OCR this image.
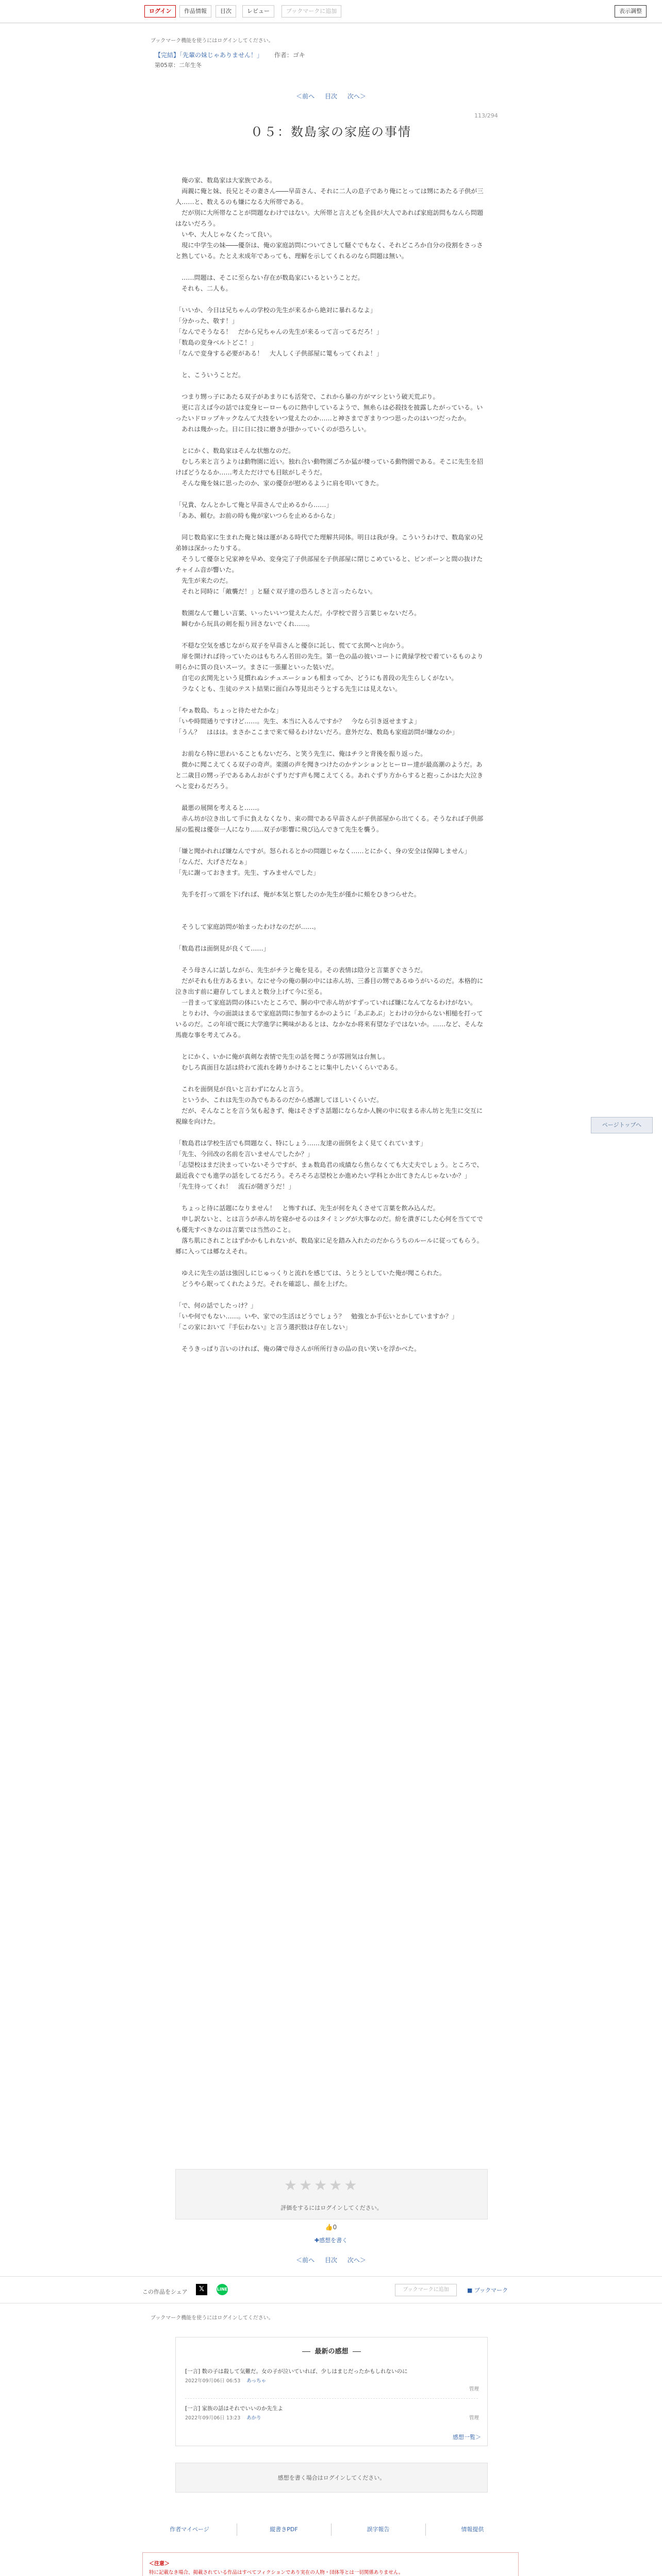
ログイン	作品情報	目次	レビュー	ブックマークに追加	表示調整
ブックマーク機能を使うにはログインしてください。
【完結】「先輩の妹じゃありません！」 作者：ゴキ
第05章：二年生冬
＜前へ 目次 次へ＞
113/294
０５：数島家の家庭の事情
　俺の家、数島家は大家族である。
　両親に俺と妹、長兄とその妻さん――早苗さん、それに二人の息子であり俺にとっては甥にあたる子供が三人……と、数えるのも嫌になる大所帯である。
　だが別に大所帯なことが問題なわけではない。大所帯と言えども全員が大人であれば家庭訪問もなんら問題はないだろう。
　いや、大人じゃなくたって良い。
　現に中学生の妹――優奈は、俺の家庭訪問についてさして騒ぐでもなく、それどころか自分の役割をさっさと熟している。たとえ末成年であっても、理解を示してくれるのなら問題は無い。

　……問題は、そこに至らない存在が数島家にいるということだ。
　それも、二人も。

「いいか、今日は兄ちゃんの学校の先生が来るから絶対に暴れるなよ」
「分かった、敬す！」
「なんでそうなる！　だから兄ちゃんの先生が来るって言ってるだろ！」
「数島の変身ベルトどこ！」
「なんで変身する必要がある！　大人しく子供部屋に篭もってくれよ！」

　と、こういうことだ。

　つまり甥っ子にあたる双子があまりにも活発で、これから暴の方がマシという破天荒ぶり。
　更に言えば今の話では変身ヒーローものに熱中しているようで、無糸らは必殺技を披露したがっている。いったいドロップキックなんて大技をいつ覚えたのか……と神さまでぎまりつつ思ったのはいつだったか。
　あれは幾かった。日に日に技に磨きが掛かっていくのが恐ろしい。

　とにかく、数島家はそんな状態なのだ。
　むしろ来と言うよりは動物園に近い。独れ合い動物園ごろか猛が棲っている動物園である。そこに先生を招けばどうなるか……考えただけでも目眩がしそうだ。
　そんな俺を妹に思ったのか、家の優奈が慰めるように肩を叩いてきた。

「兄貴、なんとかして俺と早苗さんで止めるから……」
「ああ、頼む。お前の時も俺が家いつらを止めるからな」

　同じ数島家に生まれた俺と妹は運がある時代でた理解共同体。明日は我が身。こういうわけで、数島家の兄弟姉は深かったりする。
　そうして優奈と兄家神を早め、変身完了子供部屋を子供部屋に閉じこめていると、ピンポーンと間の抜けたチャイム音が響いた。
　先生が来たのだ。
　それと同時に「敵襲だ！」と騒ぐ双子達の恐ろしさと言ったらない。

　数園なんて難しい言葉、いったいいつ覚えたんだ。小学校で習う言葉じゃないだろ。
　瞬むから玩具の剣を振り回さないでくれ……。

　不穏な空気を感じながら双子を早苗さんと優奈に託し、慌てて玄関へと向かう。
　扉を開ければ待っていたのはもちろん若田の先生。第一色の晶の彼いコートに黄緑学校で着ているものより明らかに質の良いスーツ。まさに一張羅といった装いだ。
　自宅の玄関先という見慣れぬシチュエーションも相まってか、どうにも普段の先生らしくがない。
　ラなくとも、生徒のテスト結果に面白み等見出そうとする先生には見えない。

「やぁ数島、ちょっと待たせたかな」
「いや時間通りですけど……。先生、本当に入るんですか？　今なら引き返せますよ」
「うん？　ははは。まさかここまで来て帰るわけないだろ。意外だな、数島も家庭訪問が嫌なのか」

　お前なら特に思わいることもないだろ、と笑う先生に、俺はチラと背後を振り返った。
　微かに聞こえてくる双子の奇声。楽園の声を聞きつけたのかテンションとヒーロー達が最高潮のようだ。あと二歳目の甥っ子であるあんおがぐずりだす声も聞こえてくる。あれぐずり方からすると抱っこかはた大泣きへと変わるだろう。

　最悪の展開を考えると……。
　赤ん坊が泣き出して手に負えなくなり、束の間である早苗さんが子供部屋から出てくる。そうなれば子供部屋の監視は優奈一人になり……双子が影響に飛び込んできて先生を襲う。

「嫌と聞かれれば嫌なんですが。怒られるとかの問題じゃなく……とにかく、身の安全は保障しません」
「なんだ、大げさだなぁ」
「先に謝っておきます。先生、すみませんでした」

　先手を打って頭を下げれば、俺が本気と察したのか先生が僅かに頬をひきつらせた。

　そうして家庭訪問が始まったわけなのだが……。

「数島君は面倒見が良くて……」

　そう母さんに話しながら、先生がチラと俺を見る。その表情は陰分と言葉ぎぐさうだ。
　だがそれも仕方あるまい。なにせ今の俺の胴の中には赤ん坊、三番目の甥であるゆうがいるのだ。本格的に泣き出す前に避存してしまえと数分上げて今に至る。
　一昔まって家庭訪問の体にいたところで、胴の中で赤ん坊がすずっていれば嫌になんてなるわけがない。
　とりわけ、今の面談はまるで家庭訪問に参加するかのように「あぶあぶ」とわけの分からない相槌を打っているのだ。この年頃で既に大学進学に興味があるとは、なかなか将来有望な子ではないか。……など、そんな馬鹿な事を考えてみる。

　とにかく、いかに俺が真剣な表情で先生の話を聞こうが雰囲気は台無し。
　むしろ真面目な話は終わて流れを鋳りかけることに集中したいくらいである。

　これを面倒見が良いと言わずになんと言う。
　というか、これは先生の為でもあるのだから感謝してほしいくらいだ。
　だが、そんなことを言う気も起きず、俺はそさずさ話題にならなか人腕の中に収まる赤ん坊と先生に交互に視線を向けた。

「数島君は学校生活でも問題なく、特にしょう……友達の面倒をよく見てくれています」
「先生、今回改の名前を言いませんでしたか？」
「志望校はまだ決まっていないそうですが、まぁ数島君の成績なら焦らなくても大丈夫でしょう。ところで、最近我ぐでも進学の話をしてるだろう。そろそろ志望校とか進めたい学科とか出てきたんじゃないか？」
「先生待ってくれ！　流石が随ぎうだ！」

　ちょっと待に話題になりません！　と怖すれば、先生が何を丸くさせて言葉を飲み込んだ。
　申し訳ないと、とは言うが赤ん坊を寝かせるのはタイミングが大事なのだ。紛を潰ぎにした心何を当ててでも優先すべきなのは言葉では当然のこと。
　落ち肌にされことはずかかもしれないが、数島家に足を踏み入れたのだからうちのルールに従ってもらう。郷に入っては郷なえそれ。

　ゆえに先生の話は強因しにじゅっくりと流れを感じては、うとうとしていた俺が聞こられた。
　どうやら眠ってくれたようだ。それを確認し、顔を上げた。

「で、何の話でしたっけ？」
「いや何でもない……。いや、家での生活はどうでしょう？　勉強とか手伝いとかしていますか？」
「この家において『手伝わない』と言う選択肢は存在しない」

　そうきっぱり言いのければ、俺の隣で母さんが所所行きの品の良い笑いを浮かべた。
ページトップへ
★★★★★
評価をするにはログインしてください。
👍0
✚感想を書く
＜前へ 目次 次へ＞
この作品をシェア	𝕏	LINE	ブックマークに追加	■ ブックマーク
ブックマーク機能を使うにはログインしてください。
最新の感想
[一言] 数の子は殺して気難だ。女の子が泣いていれば、少しはまじだったかもしれないのに
2022年09月06日 06:53 あっちゃ
管理
[一言] 家族の話はそれでいいのか先生よ
2022年09月06日 13:23 あかり	管理
感想一覧＞
感想を書く場合はログインしてください。
作者マイページ	縦書きPDF	誤字報告	情報提供
＜注意＞
特に記載なき場合、掲載されている作品はすべてフィクションであり実在の人物・団体等とは一切関係ありません。
